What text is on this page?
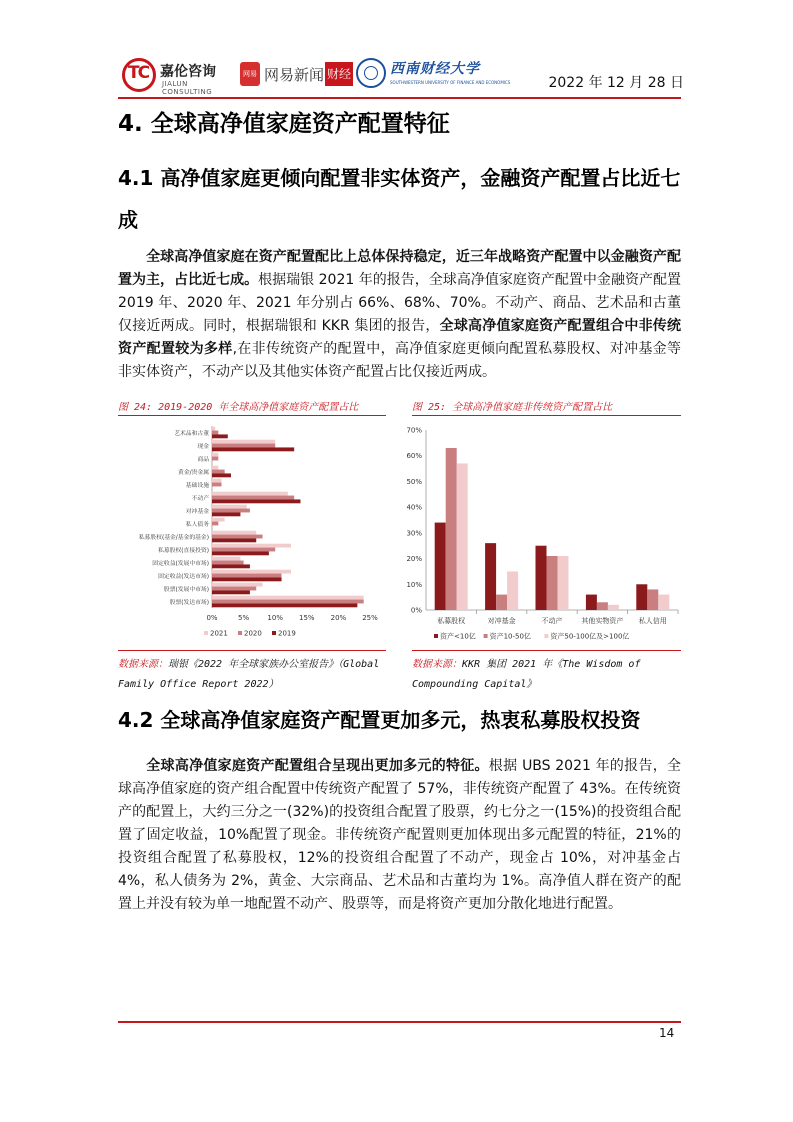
TC 嘉伦咨询
JIALUN CONSULTING
网易 网易新闻 财经	西南财经大学
SOUTHWESTERN UNIVERSITY OF FINANCE AND ECONOMICS	2022 年 12 月 28 日
4. 全球高净值家庭资产配置特征
4.1 高净值家庭更倾向配置非实体资产，金融资产配置占比近七成

全球高净值家庭在资产配置配比上总体保持稳定，近三年战略资产配置中以金融资产配置为主，占比近七成。根据瑞银 2021 年的报告，全球高净值家庭资产配置中金融资产配置 2019 年、2020 年、2021 年分别占 66%、68%、70%。不动产、商品、艺术品和古董仅接近两成。同时，根据瑞银和 KKR 集团的报告，全球高净值家庭资产配置组合中非传统资产配置较为多样,在非传统资产的配置中，高净值家庭更倾向配置私募股权、对冲基金等非实体资产，不动产以及其他实体资产配置占比仅接近两成。

图 24: 2019-2020 年全球高净值家庭资产配置占比
0%	5%	10% 15% 20% 25%
艺术品和古董
现金
商品
黄金/贵金属
基础设施
不动产
对冲基金
私人债务
私募股权(基金/基金的基金)
私募股权(直接投资)
固定收益(发展中市场)
固定收益(发达市场)
股票(发展中市场)
股票(发达市场)
2021 2020 2019
数据来源：瑞银《2022 年全球家族办公室报告》（Global Family Office Report 2022）
图 25: 全球高净值家庭非传统资产配置占比
0%
10%
20%
30%
40%
50%
60%
70%
私募股权	对冲基金	不动产	其他实物资产 私人信用
资产<10亿 资产10-50亿	资产50-100亿及>100亿
数据来源：KKR 集团 2021 年《The Wisdom of Compounding Capital》
4.2 全球高净值家庭资产配置更加多元，热衷私募股权投资

全球高净值家庭资产配置组合呈现出更加多元的特征。根据 UBS 2021 年的报告，全球高净值家庭的资产组合配置中传统资产配置了 57%，非传统资产配置了 43%。在传统资产的配置上，大约三分之一(32%)的投资组合配置了股票，约七分之一(15%)的投资组合配置了固定收益，10%配置了现金。非传统资产配置则更加体现出多元配置的特征，21%的投资组合配置了私募股权，12%的投资组合配置了不动产，现金占 10%，对冲基金占 4%，私人债务为 2%，黄金、大宗商品、艺术品和古董均为 1%。高净值人群在资产的配置上并没有较为单一地配置不动产、股票等，而是将资产更加分散化地进行配置。

14
